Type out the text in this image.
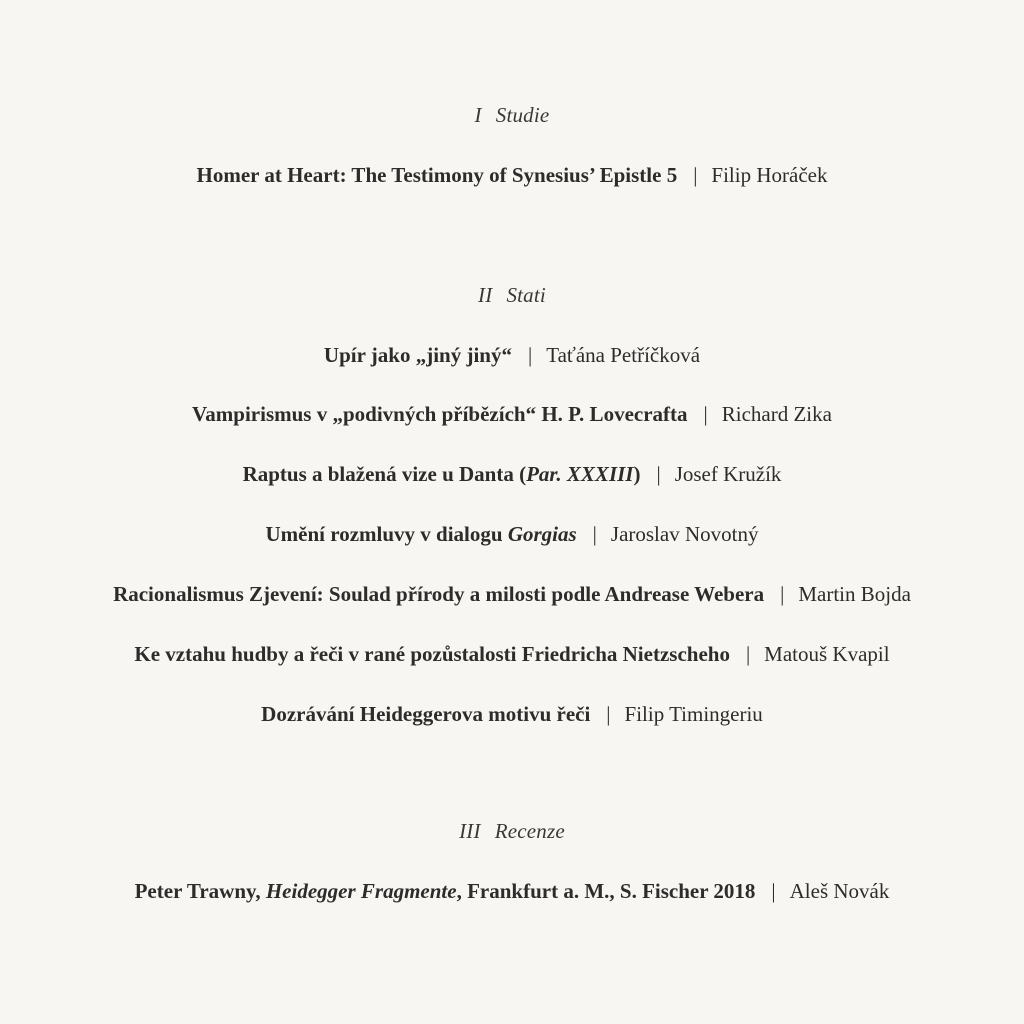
I Studie
Homer at Heart: The Testimony of Synesius’ Epistle 5 | Filip Horáček
II Stati
Upír jako „jiný jiný“ | Taťána Petříčková
Vampirismus v „podivných příbězích“ H. P. Lovecrafta | Richard Zika
Raptus a blažená vize u Danta (Par. XXXIII) | Josef Kružík
Umění rozmluvy v dialogu Gorgias | Jaroslav Novotný
Racionalismus Zjevení: Soulad přírody a milosti podle Andrease Webera | Martin Bojda
Ke vztahu hudby a řeči v rané pozůstalosti Friedricha Nietzscheho | Matouš Kvapil
Dozrávání Heideggerova motivu řeči | Filip Timingeriu
III Recenze
Peter Trawny, Heidegger Fragmente, Frankfurt a. M., S. Fischer 2018 | Aleš Novák
